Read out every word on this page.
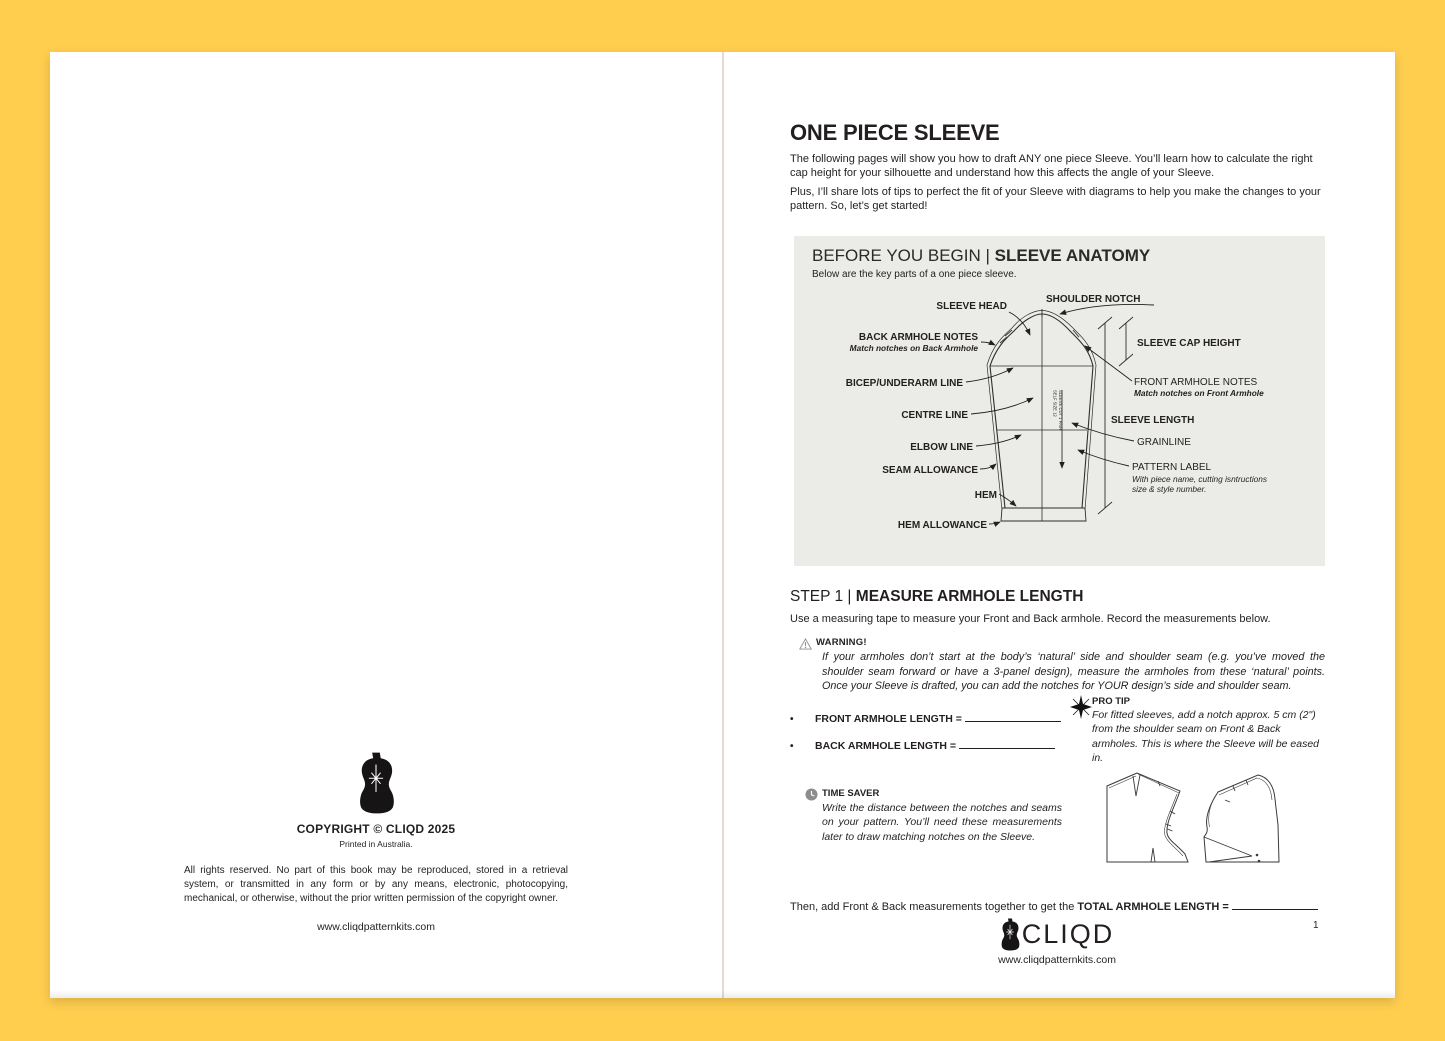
COPYRIGHT © CLIQD 2025
Printed in Australia.
All rights reserved. No part of this book may be reproduced, stored in a retrieval system, or transmitted in any form or by any means, electronic, photocopying, mechanical, or otherwise, without the prior written permission of the copyright owner.
www.cliqdpatternkits.com
ONE PIECE SLEEVE

The following pages will show you how to draft ANY one piece Sleeve. You’ll learn how to calculate the right cap height for your silhouette and understand how this affects the angle of your Sleeve.

Plus, I’ll share lots of tips to perfect the fit of your Sleeve with diagrams to help you make the changes to your pattern. So, let’s get started!

BEFORE YOU BEGIN | SLEEVE ANATOMY
Below are the key parts of a one piece sleeve.
SLEEVE CUT 1 PAIR
SELF SIZE 12
SLEEVE HEAD
BACK ARMHOLE NOTES
Match notches on Back Armhole
BICEP/UNDERARM LINE
CENTRE LINE
ELBOW LINE
SEAM ALLOWANCE
HEM
HEM ALLOWANCE
SHOULDER NOTCH
SLEEVE CAP HEIGHT
FRONT ARMHOLE NOTES
Match notches on Front Armhole
SLEEVE LENGTH
GRAINLINE
PATTERN LABEL
With piece name, cutting isntructions
size & style number.
STEP 1 | MEASURE ARMHOLE LENGTH

Use a measuring tape to measure your Front and Back armhole. Record the measurements below.

WARNING!
If your armholes don’t start at the body’s ‘natural’ side and shoulder seam (e.g. you’ve moved the shoulder seam forward or have a 3-panel design), measure the armholes from these ‘natural’ points. Once your Sleeve is drafted, you can add the notches for YOUR design’s side and shoulder seam.
• FRONT ARMHOLE LENGTH =
• BACK ARMHOLE LENGTH =
PRO TIP
For fitted sleeves, add a notch approx. 5 cm (2") from the shoulder seam on Front & Back armholes. This is where the Sleeve will be eased in.
TIME SAVER
Write the distance between the notches and seams on your pattern. You’ll need these measurements later to draw matching notches on the Sleeve.

Then, add Front & Back measurements together to get the TOTAL ARMHOLE LENGTH =

CLIQD
www.cliqdpatternkits.com
1
